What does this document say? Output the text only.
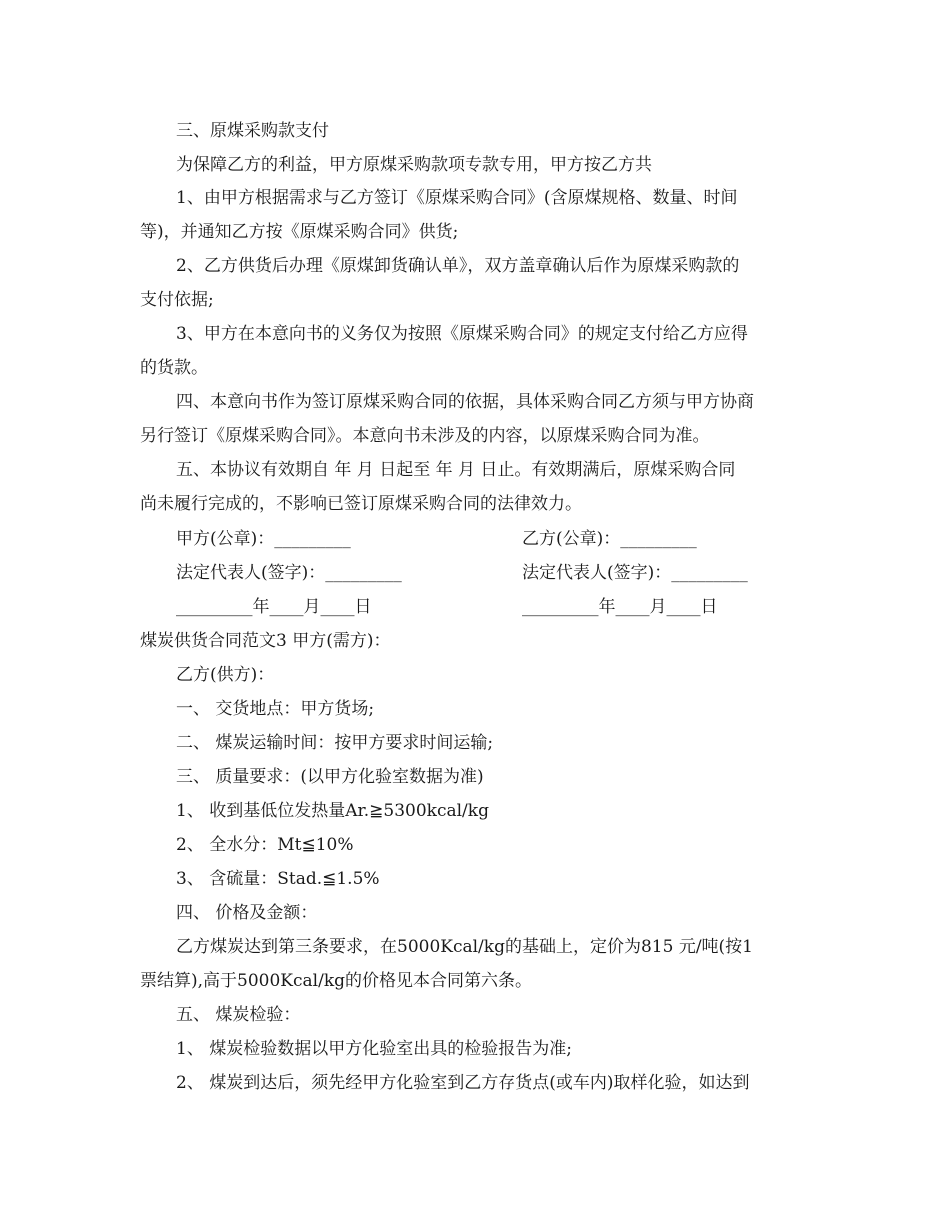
三、原煤采购款支付
为保障乙方的利益，甲方原煤采购款项专款专用，甲方按乙方共
1、由甲方根据需求与乙方签订《原煤采购合同》(含原煤规格、数量、时间
等)，并通知乙方按《原煤采购合同》供货;
2、乙方供货后办理《原煤卸货确认单》，双方盖章确认后作为原煤采购款的
支付依据;
3、甲方在本意向书的义务仅为按照《原煤采购合同》的规定支付给乙方应得
的货款。
四、本意向书作为签订原煤采购合同的依据，具体采购合同乙方须与甲方协商
另行签订《原煤采购合同》。本意向书未涉及的内容，以原煤采购合同为准。
五、本协议有效期自 年 月 日起至 年 月 日止。有效期满后，原煤采购合同
尚未履行完成的，不影响已签订原煤采购合同的法律效力。
甲方(公章)：_________	乙方(公章)：_________
法定代表人(签字)：_________	法定代表人(签字)：_________
_________年____月____日	_________年____月____日
煤炭供货合同范文3 甲方(需方)：
乙方(供方)：
一、 交货地点：甲方货场;
二、 煤炭运输时间：按甲方要求时间运输;
三、 质量要求：(以甲方化验室数据为准)
1、 收到基低位发热量Ar.≧5300kcal/kg
2、 全水分：Mt≦10%
3、 含硫量：Stad.≦1.5%
四、 价格及金额：
乙方煤炭达到第三条要求，在5000Kcal/kg的基础上，定价为815 元/吨(按1
票结算),高于5000Kcal/kg的价格见本合同第六条。
五、 煤炭检验：
1、 煤炭检验数据以甲方化验室出具的检验报告为准;
2、 煤炭到达后，须先经甲方化验室到乙方存货点(或车内)取样化验，如达到
